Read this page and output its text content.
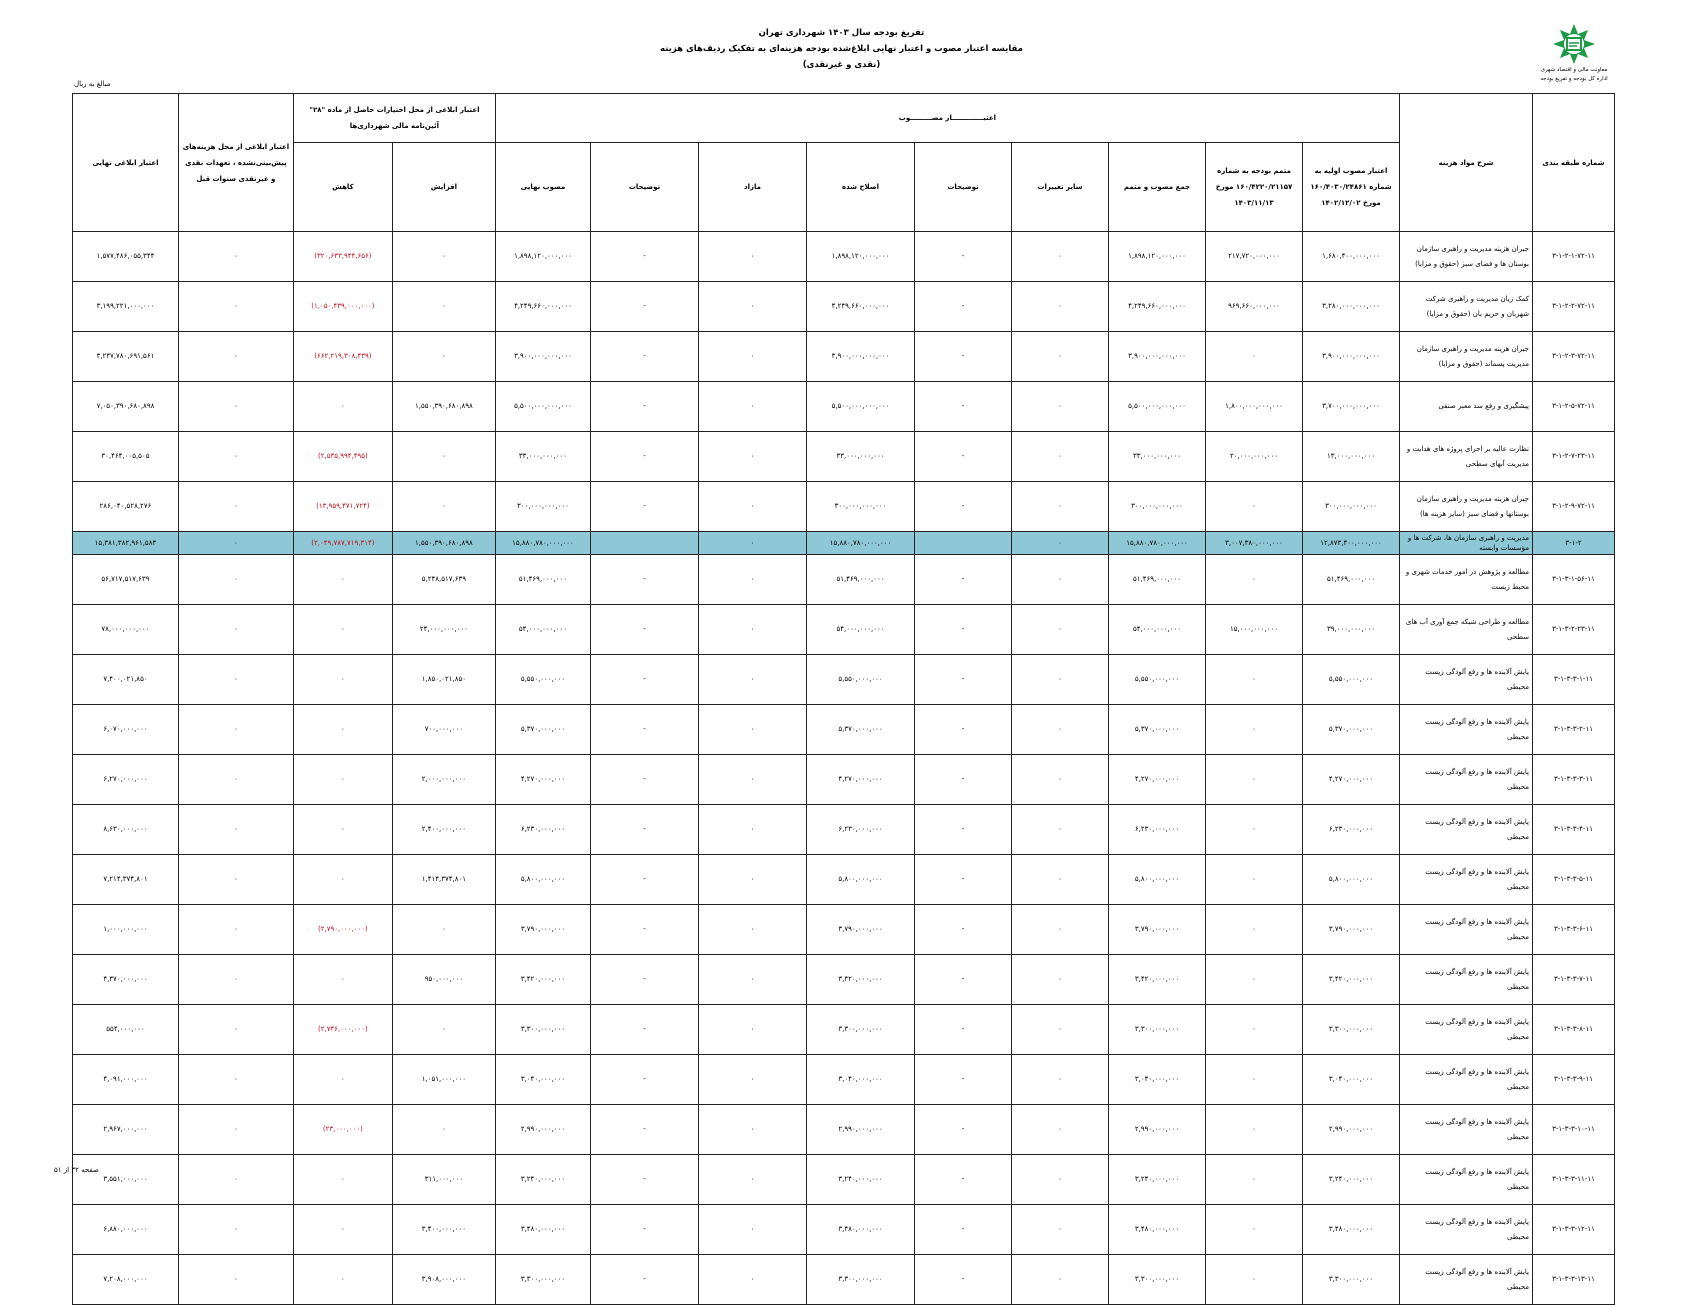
تفریغ بودجه سال ۱۴۰۳ شهرداری تهران
مقایسه اعتبار مصوب و اعتبار نهایی ابلاغ‌شده بودجه هزینه‌ای به تفکیک ردیف‌های هزینه
(نقدی و غیرنقدی)	معاونت مالی و اقتصاد شهری
اداره کل بودجه و تفریغ بودجه
مبالغ به ریال
شماره طبقه بندی	شرح مواد هزینه	اعتبـــــــــــــار مصـــــــــوب									اعتبار ابلاغی از محل اختیارات حاصل از ماده "۲۸" آئین‌نامه مالی شهرداری‌ها		اعتبار ابلاغی از محل هزینه‌های پیش‌بینی‌نشده ، تعهدات نقدی و غیرنقدی سنوات قبل	اعتبار ابلاغی نهایی
		اعتبار مصوب اولیه به شماره ۱۶۰/۴۰۳۰/۲۴۸۶۱ مورخ ۱۴۰۲/۱۲/۰۲	متمم بودجه به شماره ۱۶۰/۴۲۲۰/۲۱۱۵۷ مورخ ۱۴۰۳/۱۱/۱۳	جمع مصوب و متمم	سایر تغییرات	توضیحات	اصلاح شده	مازاد	توضیحات	مصوب نهایی	افزایش	کاهش		
۳-۱-۲-۱-۷۲-۱۱	جبران هزینه مدیریت و راهبری سازمان بوستان ها و فضای سبز (حقوق و مزایا)	۱,۶۸۰,۴۰۰,۰۰۰,۰۰۰	۲۱۷,۷۲۰,۰۰۰,۰۰۰	۱,۸۹۸,۱۲۰,۰۰۰,۰۰۰	۰	-	۱,۸۹۸,۱۲۰,۰۰۰,۰۰۰	۰	-	۱,۸۹۸,۱۲۰,۰۰۰,۰۰۰	۰	(۳۲۰,۶۳۳,۹۴۴,۶۵۶)	۰	۱,۵۷۷,۴۸۶,۰۵۵,۳۴۴
۳-۱-۲-۲-۷۲-۱۱	کمک زیان مدیریت و راهبری شرکت شهربان و حریم بان (حقوق و مزایا)	۳,۲۸۰,۰۰۰,۰۰۰,۰۰۰	۹۶۹,۶۶۰,۰۰۰,۰۰۰	۴,۲۴۹,۶۶۰,۰۰۰,۰۰۰	۰	-	۴,۲۴۹,۶۶۰,۰۰۰,۰۰۰	۰	-	۴,۲۴۹,۶۶۰,۰۰۰,۰۰۰	۰	(۱,۰۵۰,۴۳۹,۰۰۰,۰۰۰)	۰	۳,۱۹۹,۲۲۱,۰۰۰,۰۰۰
۳-۱-۲-۳-۷۲-۱۱	جبران هزینه مدیریت و راهبری سازمان مدیریت پسماند (حقوق و مزایا)	۳,۹۰۰,۰۰۰,۰۰۰,۰۰۰	۰	۳,۹۰۰,۰۰۰,۰۰۰,۰۰۰	۰	-	۳,۹۰۰,۰۰۰,۰۰۰,۰۰۰	۰	-	۳,۹۰۰,۰۰۰,۰۰۰,۰۰۰	۰	(۶۶۲,۲۱۹,۳۰۸,۴۳۹)	۰	۳,۲۳۷,۷۸۰,۶۹۱,۵۶۱
۳-۱-۲-۵-۷۲-۱۱	پیشگیری و رفع سد معبر صنفی	۳,۷۰۰,۰۰۰,۰۰۰,۰۰۰	۱,۸۰۰,۰۰۰,۰۰۰,۰۰۰	۵,۵۰۰,۰۰۰,۰۰۰,۰۰۰	۰	-	۵,۵۰۰,۰۰۰,۰۰۰,۰۰۰	۰	-	۵,۵۰۰,۰۰۰,۰۰۰,۰۰۰	۱,۵۵۰,۳۹۰,۶۸۰,۸۹۸	۰	۰	۷,۰۵۰,۳۹۰,۶۸۰,۸۹۸
۳-۱-۲-۷-۲۳-۱۱	نظارت عالیه بر اجرای پروژه های هدایت و مدیریت آبهای سطحی	۱۳,۰۰۰,۰۰۰,۰۰۰	۲۰,۰۰۰,۰۰۰,۰۰۰	۳۳,۰۰۰,۰۰۰,۰۰۰	۰	-	۳۳,۰۰۰,۰۰۰,۰۰۰	۰	-	۳۳,۰۰۰,۰۰۰,۰۰۰	۰	(۲,۵۳۵,۹۹۴,۴۹۵)	۰	۳۰,۴۶۴,۰۰۵,۵۰۵
۳-۱-۲-۹-۷۲-۱۱	جبران هزینه مدیریت و راهبری سازمان بوستانها و فضای سبز (سایر هزینه ها)	۳۰۰,۰۰۰,۰۰۰,۰۰۰	۰	۳۰۰,۰۰۰,۰۰۰,۰۰۰	۰	-	۳۰۰,۰۰۰,۰۰۰,۰۰۰	۰	-	۳۰۰,۰۰۰,۰۰۰,۰۰۰	۰	(۱۳,۹۵۹,۴۷۱,۷۲۴)	۰	۲۸۶,۰۴۰,۵۲۸,۲۷۶
۳-۱-۲	مدیریت و راهبری سازمان ها، شرکت ها و مؤسسات وابسته	۱۲,۸۷۳,۴۰۰,۰۰۰,۰۰۰	۳,۰۰۷,۳۸۰,۰۰۰,۰۰۰	۱۵,۸۸۰,۷۸۰,۰۰۰,۰۰۰	۰		۱۵,۸۸۰,۷۸۰,۰۰۰,۰۰۰	۰		۱۵,۸۸۰,۷۸۰,۰۰۰,۰۰۰	۱,۵۵۰,۳۹۰,۶۸۰,۸۹۸	(۲,۰۴۹,۷۸۷,۷۱۹,۳۱۴)	۰	۱۵,۳۸۱,۳۸۲,۹۶۱,۵۸۴
۳-۱-۳-۱-۵۶-۱۱	مطالعه و پژوهش در امور خدمات شهری و محیط زیست	۵۱,۴۶۹,۰۰۰,۰۰۰	۰	۵۱,۴۶۹,۰۰۰,۰۰۰	۰	-	۵۱,۴۶۹,۰۰۰,۰۰۰	۰	-	۵۱,۴۶۹,۰۰۰,۰۰۰	۵,۲۴۸,۵۱۷,۶۳۹	۰	۰	۵۶,۷۱۷,۵۱۷,۶۳۹
۳-۱-۳-۲-۲۳-۱۱	مطالعه و طراحی شبکه جمع آوری آب های سطحی	۳۹,۰۰۰,۰۰۰,۰۰۰	۱۵,۰۰۰,۰۰۰,۰۰۰	۵۴,۰۰۰,۰۰۰,۰۰۰	۰	-	۵۴,۰۰۰,۰۰۰,۰۰۰	۰	-	۵۴,۰۰۰,۰۰۰,۰۰۰	۲۴,۰۰۰,۰۰۰,۰۰۰	۰	۰	۷۸,۰۰۰,۰۰۰,۰۰۰
۳-۱-۳-۳-۱-۱۱	پایش آلاینده ها و رفع آلودگی زیست محیطی	۵,۵۵۰,۰۰۰,۰۰۰	۰	۵,۵۵۰,۰۰۰,۰۰۰	۰	-	۵,۵۵۰,۰۰۰,۰۰۰	۰	-	۵,۵۵۰,۰۰۰,۰۰۰	۱,۸۵۰,۰۲۱,۸۵۰	۰	۰	۷,۴۰۰,۰۲۱,۸۵۰
۳-۱-۳-۳-۲-۱۱	پایش آلاینده ها و رفع آلودگی زیست محیطی	۵,۳۷۰,۰۰۰,۰۰۰	۰	۵,۳۷۰,۰۰۰,۰۰۰	۰	-	۵,۳۷۰,۰۰۰,۰۰۰	۰	-	۵,۳۷۰,۰۰۰,۰۰۰	۷۰۰,۰۰۰,۰۰۰	۰	۰	۶,۰۷۰,۰۰۰,۰۰۰
۳-۱-۳-۳-۳-۱۱	پایش آلاینده ها و رفع آلودگی زیست محیطی	۴,۲۷۰,۰۰۰,۰۰۰	۰	۴,۲۷۰,۰۰۰,۰۰۰	۰	-	۴,۲۷۰,۰۰۰,۰۰۰	۰	-	۴,۲۷۰,۰۰۰,۰۰۰	۲,۰۰۰,۰۰۰,۰۰۰	۰	۰	۶,۲۷۰,۰۰۰,۰۰۰
۳-۱-۳-۳-۴-۱۱	پایش آلاینده ها و رفع آلودگی زیست محیطی	۶,۲۳۰,۰۰۰,۰۰۰	۰	۶,۲۳۰,۰۰۰,۰۰۰	۰	-	۶,۲۳۰,۰۰۰,۰۰۰	۰	-	۶,۲۳۰,۰۰۰,۰۰۰	۲,۴۰۰,۰۰۰,۰۰۰	۰	۰	۸,۶۳۰,۰۰۰,۰۰۰
۳-۱-۳-۳-۵-۱۱	پایش آلاینده ها و رفع آلودگی زیست محیطی	۵,۸۰۰,۰۰۰,۰۰۰	۰	۵,۸۰۰,۰۰۰,۰۰۰	۰	-	۵,۸۰۰,۰۰۰,۰۰۰	۰	-	۵,۸۰۰,۰۰۰,۰۰۰	۱,۴۱۴,۳۷۴,۸۰۱	۰	۰	۷,۲۱۴,۳۷۴,۸۰۱
۳-۱-۳-۳-۶-۱۱	پایش آلاینده ها و رفع آلودگی زیست محیطی	۳,۷۹۰,۰۰۰,۰۰۰	۰	۳,۷۹۰,۰۰۰,۰۰۰	۰	-	۳,۷۹۰,۰۰۰,۰۰۰	۰	-	۳,۷۹۰,۰۰۰,۰۰۰	۰	(۲,۷۹۰,۰۰۰,۰۰۰)	۰	۱,۰۰۰,۰۰۰,۰۰۰
۳-۱-۳-۳-۷-۱۱	پایش آلاینده ها و رفع آلودگی زیست محیطی	۳,۴۲۰,۰۰۰,۰۰۰	۰	۳,۴۲۰,۰۰۰,۰۰۰	۰	-	۳,۴۲۰,۰۰۰,۰۰۰	۰	-	۳,۴۲۰,۰۰۰,۰۰۰	۹۵۰,۰۰۰,۰۰۰	۰	۰	۴,۳۷۰,۰۰۰,۰۰۰
۳-۱-۳-۳-۸-۱۱	پایش آلاینده ها و رفع آلودگی زیست محیطی	۳,۳۰۰,۰۰۰,۰۰۰	۰	۳,۳۰۰,۰۰۰,۰۰۰	۰	-	۳,۳۰۰,۰۰۰,۰۰۰	۰	-	۳,۳۰۰,۰۰۰,۰۰۰	۰	(۲,۷۴۶,۰۰۰,۰۰۰)	۰	۵۵۴,۰۰۰,۰۰۰
۳-۱-۳-۳-۹-۱۱	پایش آلاینده ها و رفع آلودگی زیست محیطی	۳,۰۴۰,۰۰۰,۰۰۰	۰	۳,۰۴۰,۰۰۰,۰۰۰	۰	-	۳,۰۴۰,۰۰۰,۰۰۰	۰	-	۳,۰۴۰,۰۰۰,۰۰۰	۱,۰۵۱,۰۰۰,۰۰۰	۰	۰	۴,۰۹۱,۰۰۰,۰۰۰
۳-۱-۳-۳-۱۰-۱۱	پایش آلاینده ها و رفع آلودگی زیست محیطی	۲,۹۹۰,۰۰۰,۰۰۰	۰	۲,۹۹۰,۰۰۰,۰۰۰	۰	-	۲,۹۹۰,۰۰۰,۰۰۰	۰	-	۲,۹۹۰,۰۰۰,۰۰۰	۰	(۲۳,۰۰۰,۰۰۰)	۰	۲,۹۶۷,۰۰۰,۰۰۰
۳-۱-۳-۳-۱۱-۱۱	پایش آلاینده ها و رفع آلودگی زیست محیطی	۳,۲۴۰,۰۰۰,۰۰۰	۰	۳,۲۴۰,۰۰۰,۰۰۰	۰	-	۳,۲۴۰,۰۰۰,۰۰۰	۰	-	۳,۲۴۰,۰۰۰,۰۰۰	۳۱۱,۰۰۰,۰۰۰	۰	۰	۳,۵۵۱,۰۰۰,۰۰۰
۳-۱-۳-۳-۱۲-۱۱	پایش آلاینده ها و رفع آلودگی زیست محیطی	۳,۴۸۰,۰۰۰,۰۰۰	۰	۳,۴۸۰,۰۰۰,۰۰۰	۰	-	۳,۴۸۰,۰۰۰,۰۰۰	۰	-	۳,۴۸۰,۰۰۰,۰۰۰	۳,۴۰۰,۰۰۰,۰۰۰	۰	۰	۶,۸۸۰,۰۰۰,۰۰۰
۳-۱-۳-۳-۱۳-۱۱	پایش آلاینده ها و رفع آلودگی زیست محیطی	۳,۳۰۰,۰۰۰,۰۰۰	۰	۳,۳۰۰,۰۰۰,۰۰۰	۰	-	۳,۳۰۰,۰۰۰,۰۰۰	۰	-	۳,۳۰۰,۰۰۰,۰۰۰	۳,۹۰۸,۰۰۰,۰۰۰	۰	۰	۷,۲۰۸,۰۰۰,۰۰۰
صفحه ۳۲ از ۵۱
